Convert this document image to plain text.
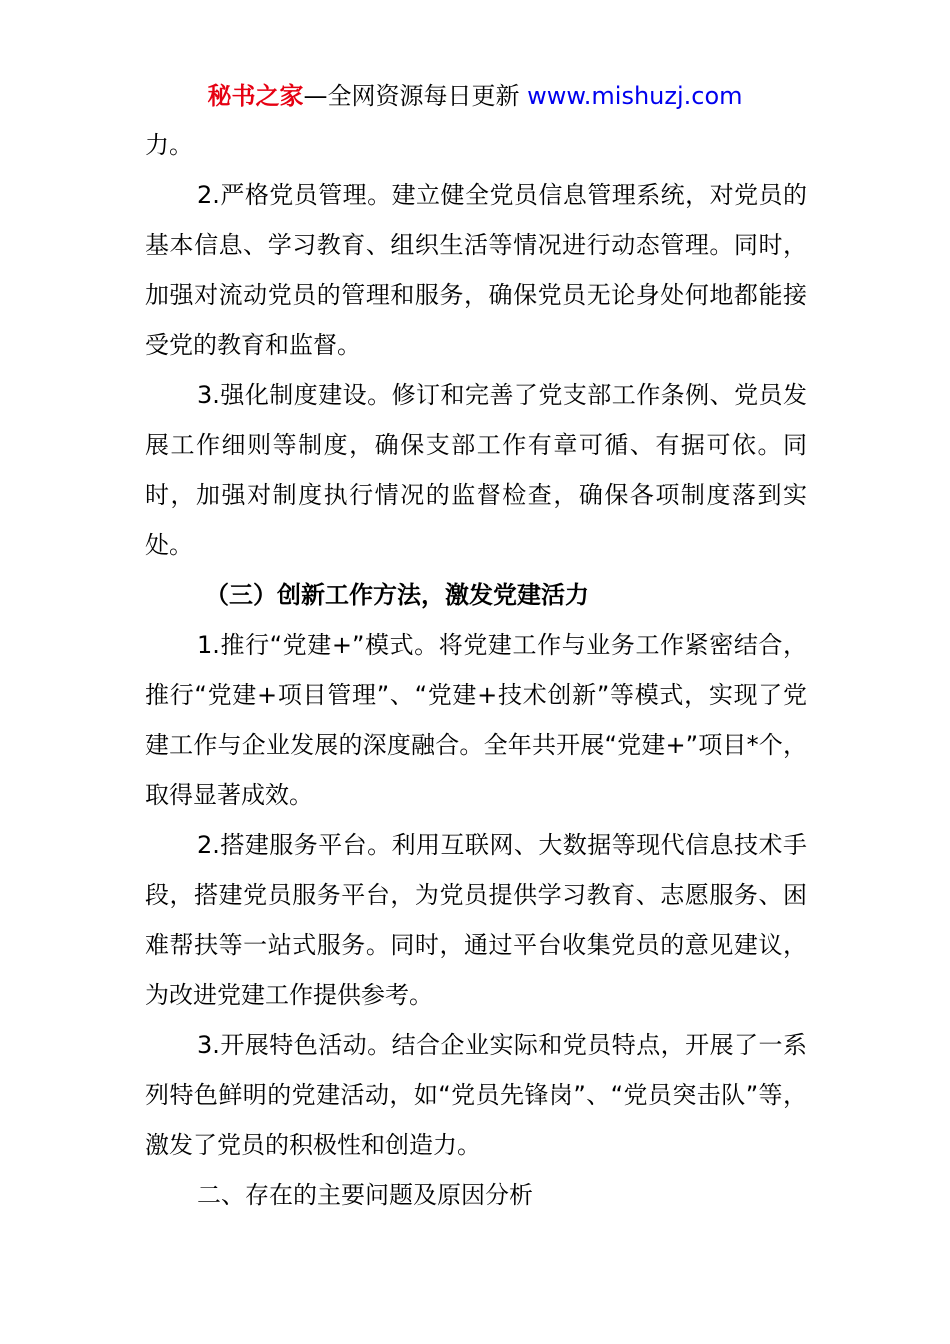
秘书之家—全网资源每日更新 www.mishuzj.com

力。

2.严格党员管理。建立健全党员信息管理系统，对党员的基本信息、学习教育、组织生活等情况进行动态管理。同时，加强对流动党员的管理和服务，确保党员无论身处何地都能接受党的教育和监督。

3.强化制度建设。修订和完善了党支部工作条例、党员发展工作细则等制度，确保支部工作有章可循、有据可依。同时，加强对制度执行情况的监督检查，确保各项制度落到实处。

（三）创新工作方法，激发党建活力

1.推行“党建+”模式。将党建工作与业务工作紧密结合，推行“党建+项目管理”、“党建+技术创新”等模式，实现了党建工作与企业发展的深度融合。全年共开展“党建+”项目*个，取得显著成效。

2.搭建服务平台。利用互联网、大数据等现代信息技术手段，搭建党员服务平台，为党员提供学习教育、志愿服务、困难帮扶等一站式服务。同时，通过平台收集党员的意见建议，为改进党建工作提供参考。

3.开展特色活动。结合企业实际和党员特点，开展了一系列特色鲜明的党建活动，如“党员先锋岗”、“党员突击队”等，激发了党员的积极性和创造力。

二、存在的主要问题及原因分析
